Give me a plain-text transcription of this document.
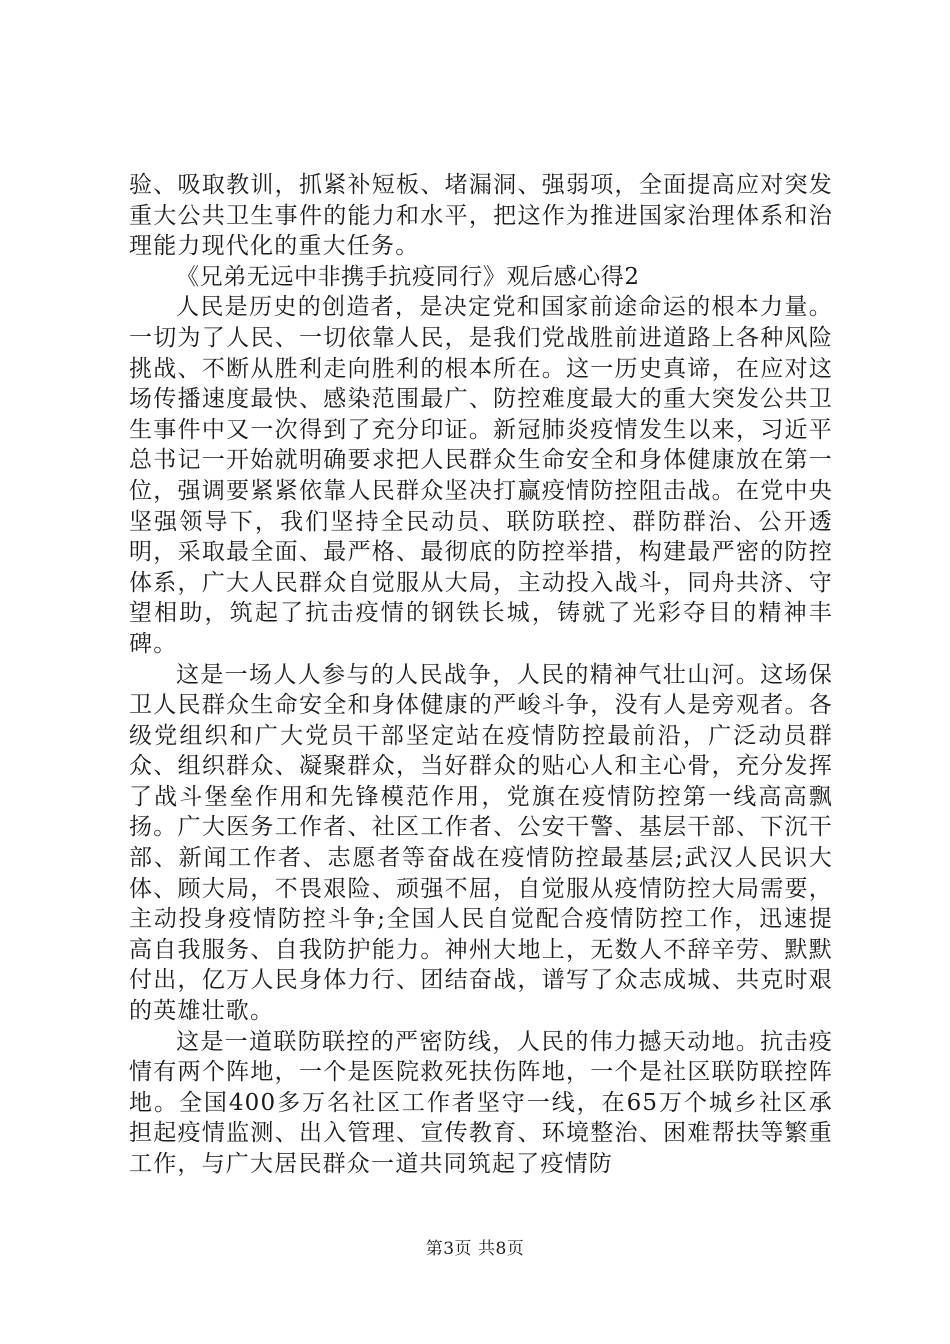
验、吸取教训，抓紧补短板、堵漏洞、强弱项，全面提高应对突发重大公共卫生事件的能力和水平，把这作为推进国家治理体系和治理能力现代化的重大任务。

《兄弟无远中非携手抗疫同行》观后感心得2

人民是历史的创造者，是决定党和国家前途命运的根本力量。一切为了人民、一切依靠人民，是我们党战胜前进道路上各种风险挑战、不断从胜利走向胜利的根本所在。这一历史真谛，在应对这场传播速度最快、感染范围最广、防控难度最大的重大突发公共卫生事件中又一次得到了充分印证。新冠肺炎疫情发生以来，习近平总书记一开始就明确要求把人民群众生命安全和身体健康放在第一位，强调要紧紧依靠人民群众坚决打赢疫情防控阻击战。在党中央坚强领导下，我们坚持全民动员、联防联控、群防群治、公开透明，采取最全面、最严格、最彻底的防控举措，构建最严密的防控体系，广大人民群众自觉服从大局，主动投入战斗，同舟共济、守望相助，筑起了抗击疫情的钢铁长城，铸就了光彩夺目的精神丰碑。

这是一场人人参与的人民战争，人民的精神气壮山河。这场保卫人民群众生命安全和身体健康的严峻斗争，没有人是旁观者。各级党组织和广大党员干部坚定站在疫情防控最前沿，广泛动员群众、组织群众、凝聚群众，当好群众的贴心人和主心骨，充分发挥了战斗堡垒作用和先锋模范作用，党旗在疫情防控第一线高高飘扬。广大医务工作者、社区工作者、公安干警、基层干部、下沉干部、新闻工作者、志愿者等奋战在疫情防控最基层;武汉人民识大体、顾大局，不畏艰险、顽强不屈，自觉服从疫情防控大局需要，主动投身疫情防控斗争;全国人民自觉配合疫情防控工作，迅速提高自我服务、自我防护能力。神州大地上，无数人不辞辛劳、默默付出，亿万人民身体力行、团结奋战，谱写了众志成城、共克时艰的英雄壮歌。

这是一道联防联控的严密防线，人民的伟力撼天动地。抗击疫情有两个阵地，一个是医院救死扶伤阵地，一个是社区联防联控阵地。全国400多万名社区工作者坚守一线，在65万个城乡社区承担起疫情监测、出入管理、宣传教育、环境整治、困难帮扶等繁重工作，与广大居民群众一道共同筑起了疫情防

第3页 共8页
